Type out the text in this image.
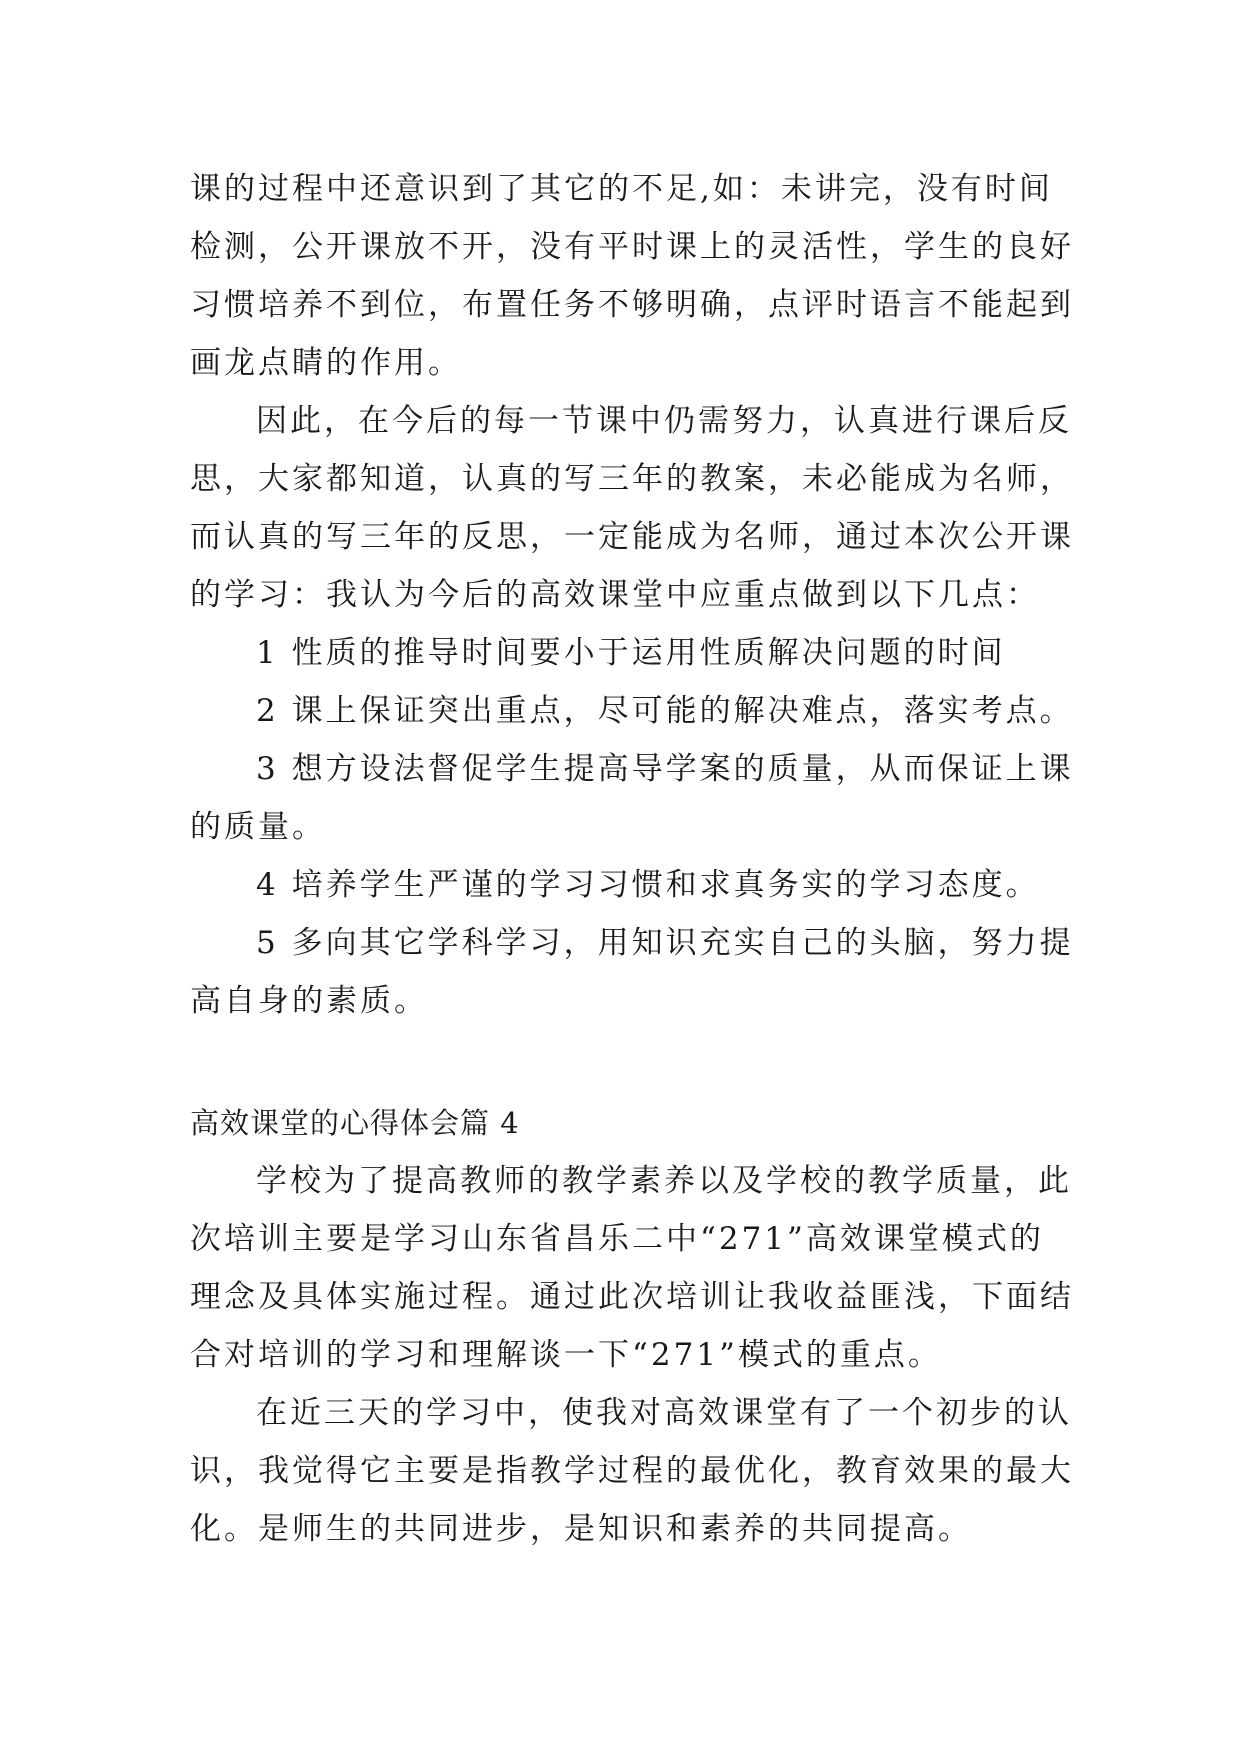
课的过程中还意识到了其它的不足,如：未讲完，没有时间
检测，公开课放不开，没有平时课上的灵活性，学生的良好
习惯培养不到位，布置任务不够明确，点评时语言不能起到
画龙点睛的作用。
因此，在今后的每一节课中仍需努力，认真进行课后反
思，大家都知道，认真的写三年的教案，未必能成为名师，
而认真的写三年的反思，一定能成为名师，通过本次公开课
的学习：我认为今后的高效课堂中应重点做到以下几点：
1 性质的推导时间要小于运用性质解决问题的时间
2 课上保证突出重点，尽可能的解决难点，落实考点。
3 想方设法督促学生提高导学案的质量，从而保证上课
的质量。
4 培养学生严谨的学习习惯和求真务实的学习态度。
5 多向其它学科学习，用知识充实自己的头脑，努力提
高自身的素质。
高效课堂的心得体会篇 4
学校为了提高教师的教学素养以及学校的教学质量，此
次培训主要是学习山东省昌乐二中“271”高效课堂模式的
理念及具体实施过程。通过此次培训让我收益匪浅，下面结
合对培训的学习和理解谈一下“271”模式的重点。
在近三天的学习中，使我对高效课堂有了一个初步的认
识，我觉得它主要是指教学过程的最优化，教育效果的最大
化。是师生的共同进步，是知识和素养的共同提高。
